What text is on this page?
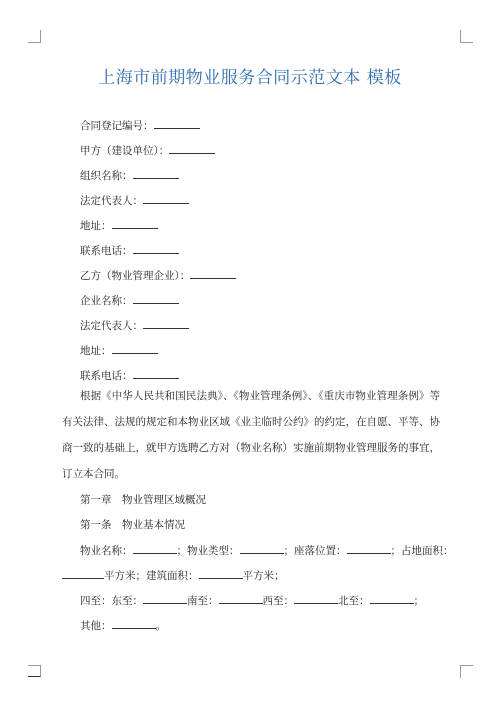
上海市前期物业服务合同示范文本 模板
合同登记编号：
甲方（建设单位）：
组织名称：
法定代表人：
地址：
联系电话：
乙方（物业管理企业）：
企业名称：
法定代表人：
地址：
联系电话：

根据《中华人民共和国民法典》、《物业管理条例》、《重庆市物业管理条例》等有关法律、法规的规定和本物业区域《业主临时公约》的约定，在自愿、平等、协商一致的基础上，就甲方选聘乙方对（物业名称）实施前期物业管理服务的事宜，订立本合同。

第一章　物业管理区域概况
第一条　物业基本情况
物业名称：	；物业类型：	；座落位置：	；占地面积：
平方米；建筑面积：	平方米；
四至：东至：	南至：	西至：	北至：	；
其他：	。
